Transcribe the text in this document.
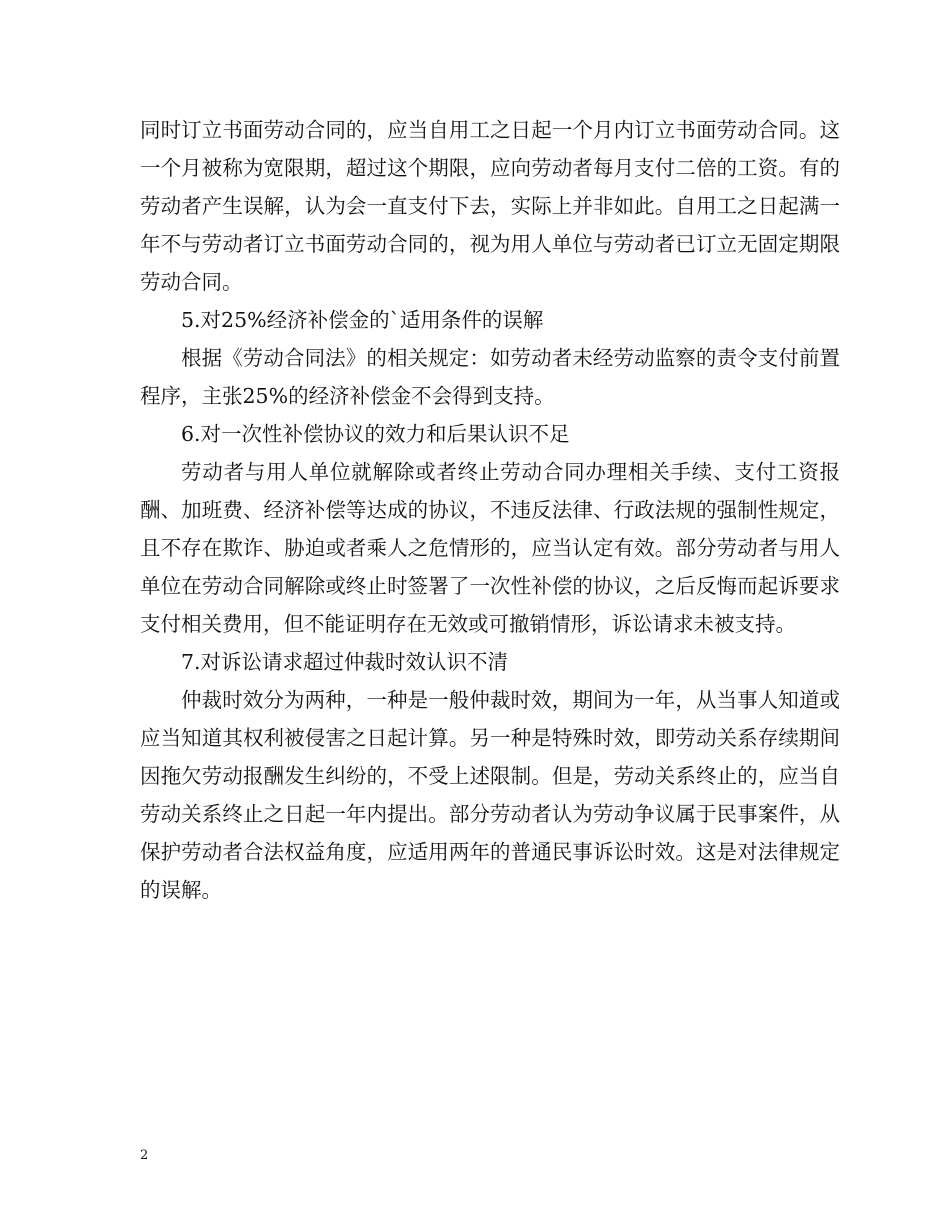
同时订立书面劳动合同的，应当自用工之日起一个月内订立书面劳动合同。这一个月被称为宽限期，超过这个期限，应向劳动者每月支付二倍的工资。有的劳动者产生误解，认为会一直支付下去，实际上并非如此。自用工之日起满一年不与劳动者订立书面劳动合同的，视为用人单位与劳动者已订立无固定期限劳动合同。

5.对25%经济补偿金的`适用条件的误解

根据《劳动合同法》的相关规定：如劳动者未经劳动监察的责令支付前置程序，主张25%的经济补偿金不会得到支持。

6.对一次性补偿协议的效力和后果认识不足

劳动者与用人单位就解除或者终止劳动合同办理相关手续、支付工资报酬、加班费、经济补偿等达成的协议，不违反法律、行政法规的强制性规定，且不存在欺诈、胁迫或者乘人之危情形的，应当认定有效。部分劳动者与用人单位在劳动合同解除或终止时签署了一次性补偿的协议，之后反悔而起诉要求支付相关费用，但不能证明存在无效或可撤销情形，诉讼请求未被支持。

7.对诉讼请求超过仲裁时效认识不清

仲裁时效分为两种，一种是一般仲裁时效，期间为一年，从当事人知道或应当知道其权利被侵害之日起计算。另一种是特殊时效，即劳动关系存续期间因拖欠劳动报酬发生纠纷的，不受上述限制。但是，劳动关系终止的，应当自劳动关系终止之日起一年内提出。部分劳动者认为劳动争议属于民事案件，从保护劳动者合法权益角度，应适用两年的普通民事诉讼时效。这是对法律规定的误解。

2
